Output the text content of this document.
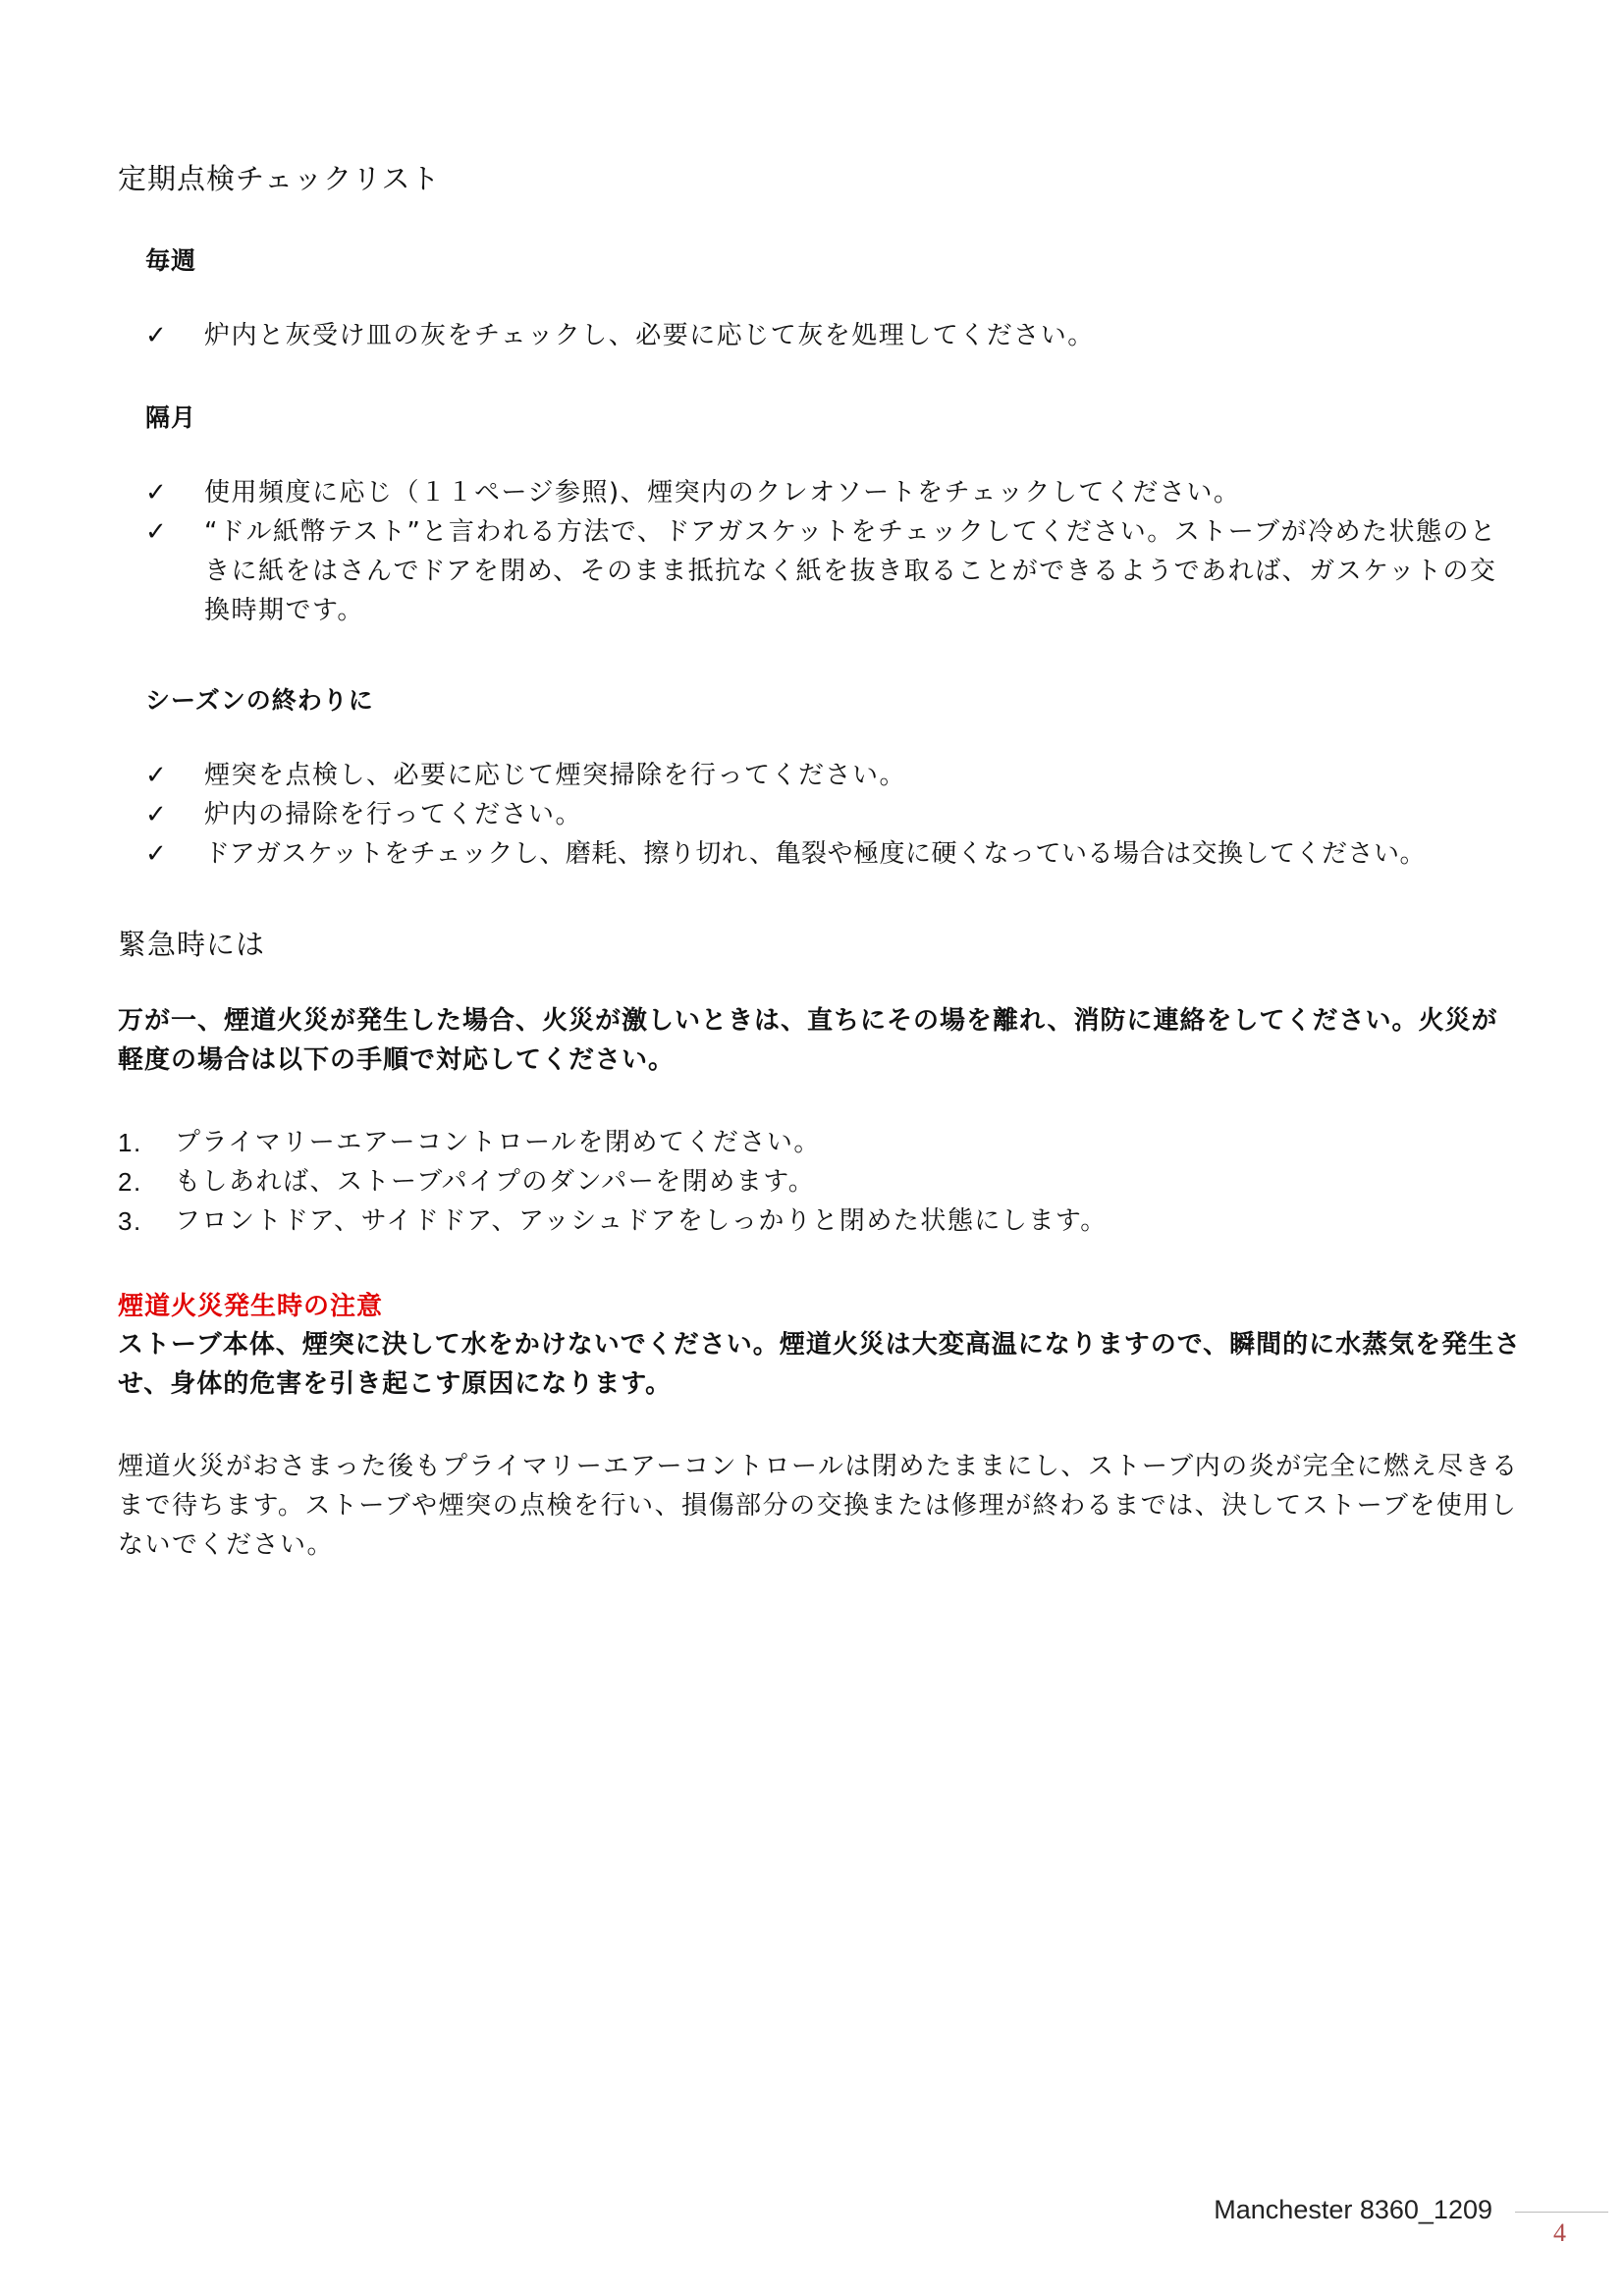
定期点検チェックリスト
毎週
✓ 炉内と灰受け皿の灰をチェックし、必要に応じて灰を処理してください。
隔月
✓ 使用頻度に応じ（１１ページ参照)、煙突内のクレオソートをチェックしてください。
✓ “ドル紙幣テスト”と言われる方法で、ドアガスケットをチェックしてください。ストーブが冷めた状態のときに紙をはさんでドアを閉め、そのまま抵抗なく紙を抜き取ることができるようであれば、ガスケットの交換時期です。
シーズンの終わりに
✓ 煙突を点検し、必要に応じて煙突掃除を行ってください。
✓ 炉内の掃除を行ってください。
✓ ドアガスケットをチェックし、磨耗、擦り切れ、亀裂や極度に硬くなっている場合は交換してください。
緊急時には

万が一、煙道火災が発生した場合、火災が激しいときは、直ちにその場を離れ、消防に連絡をしてください。火災が軽度の場合は以下の手順で対応してください。

1. プライマリーエアーコントロールを閉めてください。
2. もしあれば、ストーブパイプのダンパーを閉めます。
3. フロントドア、サイドドア、アッシュドアをしっかりと閉めた状態にします。
煙道火災発生時の注意

ストーブ本体、煙突に決して水をかけないでください。煙道火災は大変高温になりますので、瞬間的に水蒸気を発生させ、身体的危害を引き起こす原因になります。

煙道火災がおさまった後もプライマリーエアーコントロールは閉めたままにし、ストーブ内の炎が完全に燃え尽きるまで待ちます。ストーブや煙突の点検を行い、損傷部分の交換または修理が終わるまでは、決してストーブを使用しないでください。

Manchester 8360_1209
4
